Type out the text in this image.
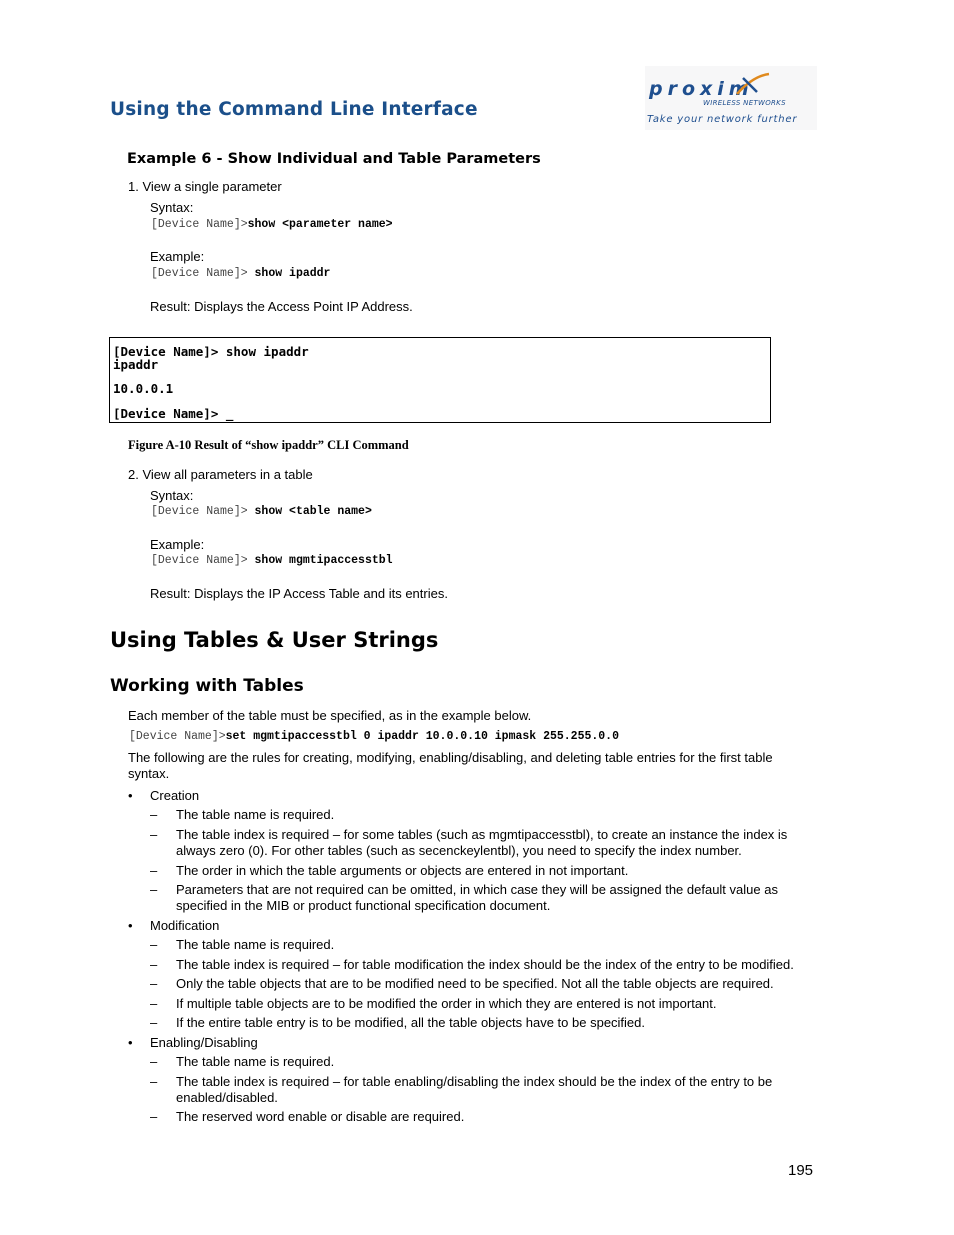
Using the Command Line Interface
proxim
WIRELESS NETWORKS
Take your network further
Example 6 - Show Individual and Table Parameters
1. View a single parameter
Syntax:
[Device Name]>show <parameter name>
Example:
[Device Name]> show ipaddr
Result: Displays the Access Point IP Address.
[Device Name]> show ipaddr
ipaddr
10.0.0.1
[Device Name]> _
Figure A-10 Result of “show ipaddr” CLI Command
2. View all parameters in a table
Syntax:
[Device Name]> show <table name>
Example:
[Device Name]> show mgmtipaccesstbl
Result: Displays the IP Access Table and its entries.
Using Tables & User Strings
Working with Tables
Each member of the table must be specified, as in the example below.
[Device Name]>set mgmtipaccesstbl 0 ipaddr 10.0.0.10 ipmask 255.255.0.0
The following are the rules for creating, modifying, enabling/disabling, and deleting table entries for the first table syntax.
• Creation
– The table name is required.
– The table index is required – for some tables (such as mgmtipaccesstbl), to create an instance the index is always zero (0). For other tables (such as secenckeylentbl), you need to specify the index number.
– The order in which the table arguments or objects are entered in not important.
– Parameters that are not required can be omitted, in which case they will be assigned the default value as specified in the MIB or product functional specification document.
• Modification
– The table name is required.
– The table index is required – for table modification the index should be the index of the entry to be modified.
– Only the table objects that are to be modified need to be specified. Not all the table objects are required.
– If multiple table objects are to be modified the order in which they are entered is not important.
– If the entire table entry is to be modified, all the table objects have to be specified.
• Enabling/Disabling
– The table name is required.
– The table index is required – for table enabling/disabling the index should be the index of the entry to be enabled/disabled.
– The reserved word enable or disable are required.
195
